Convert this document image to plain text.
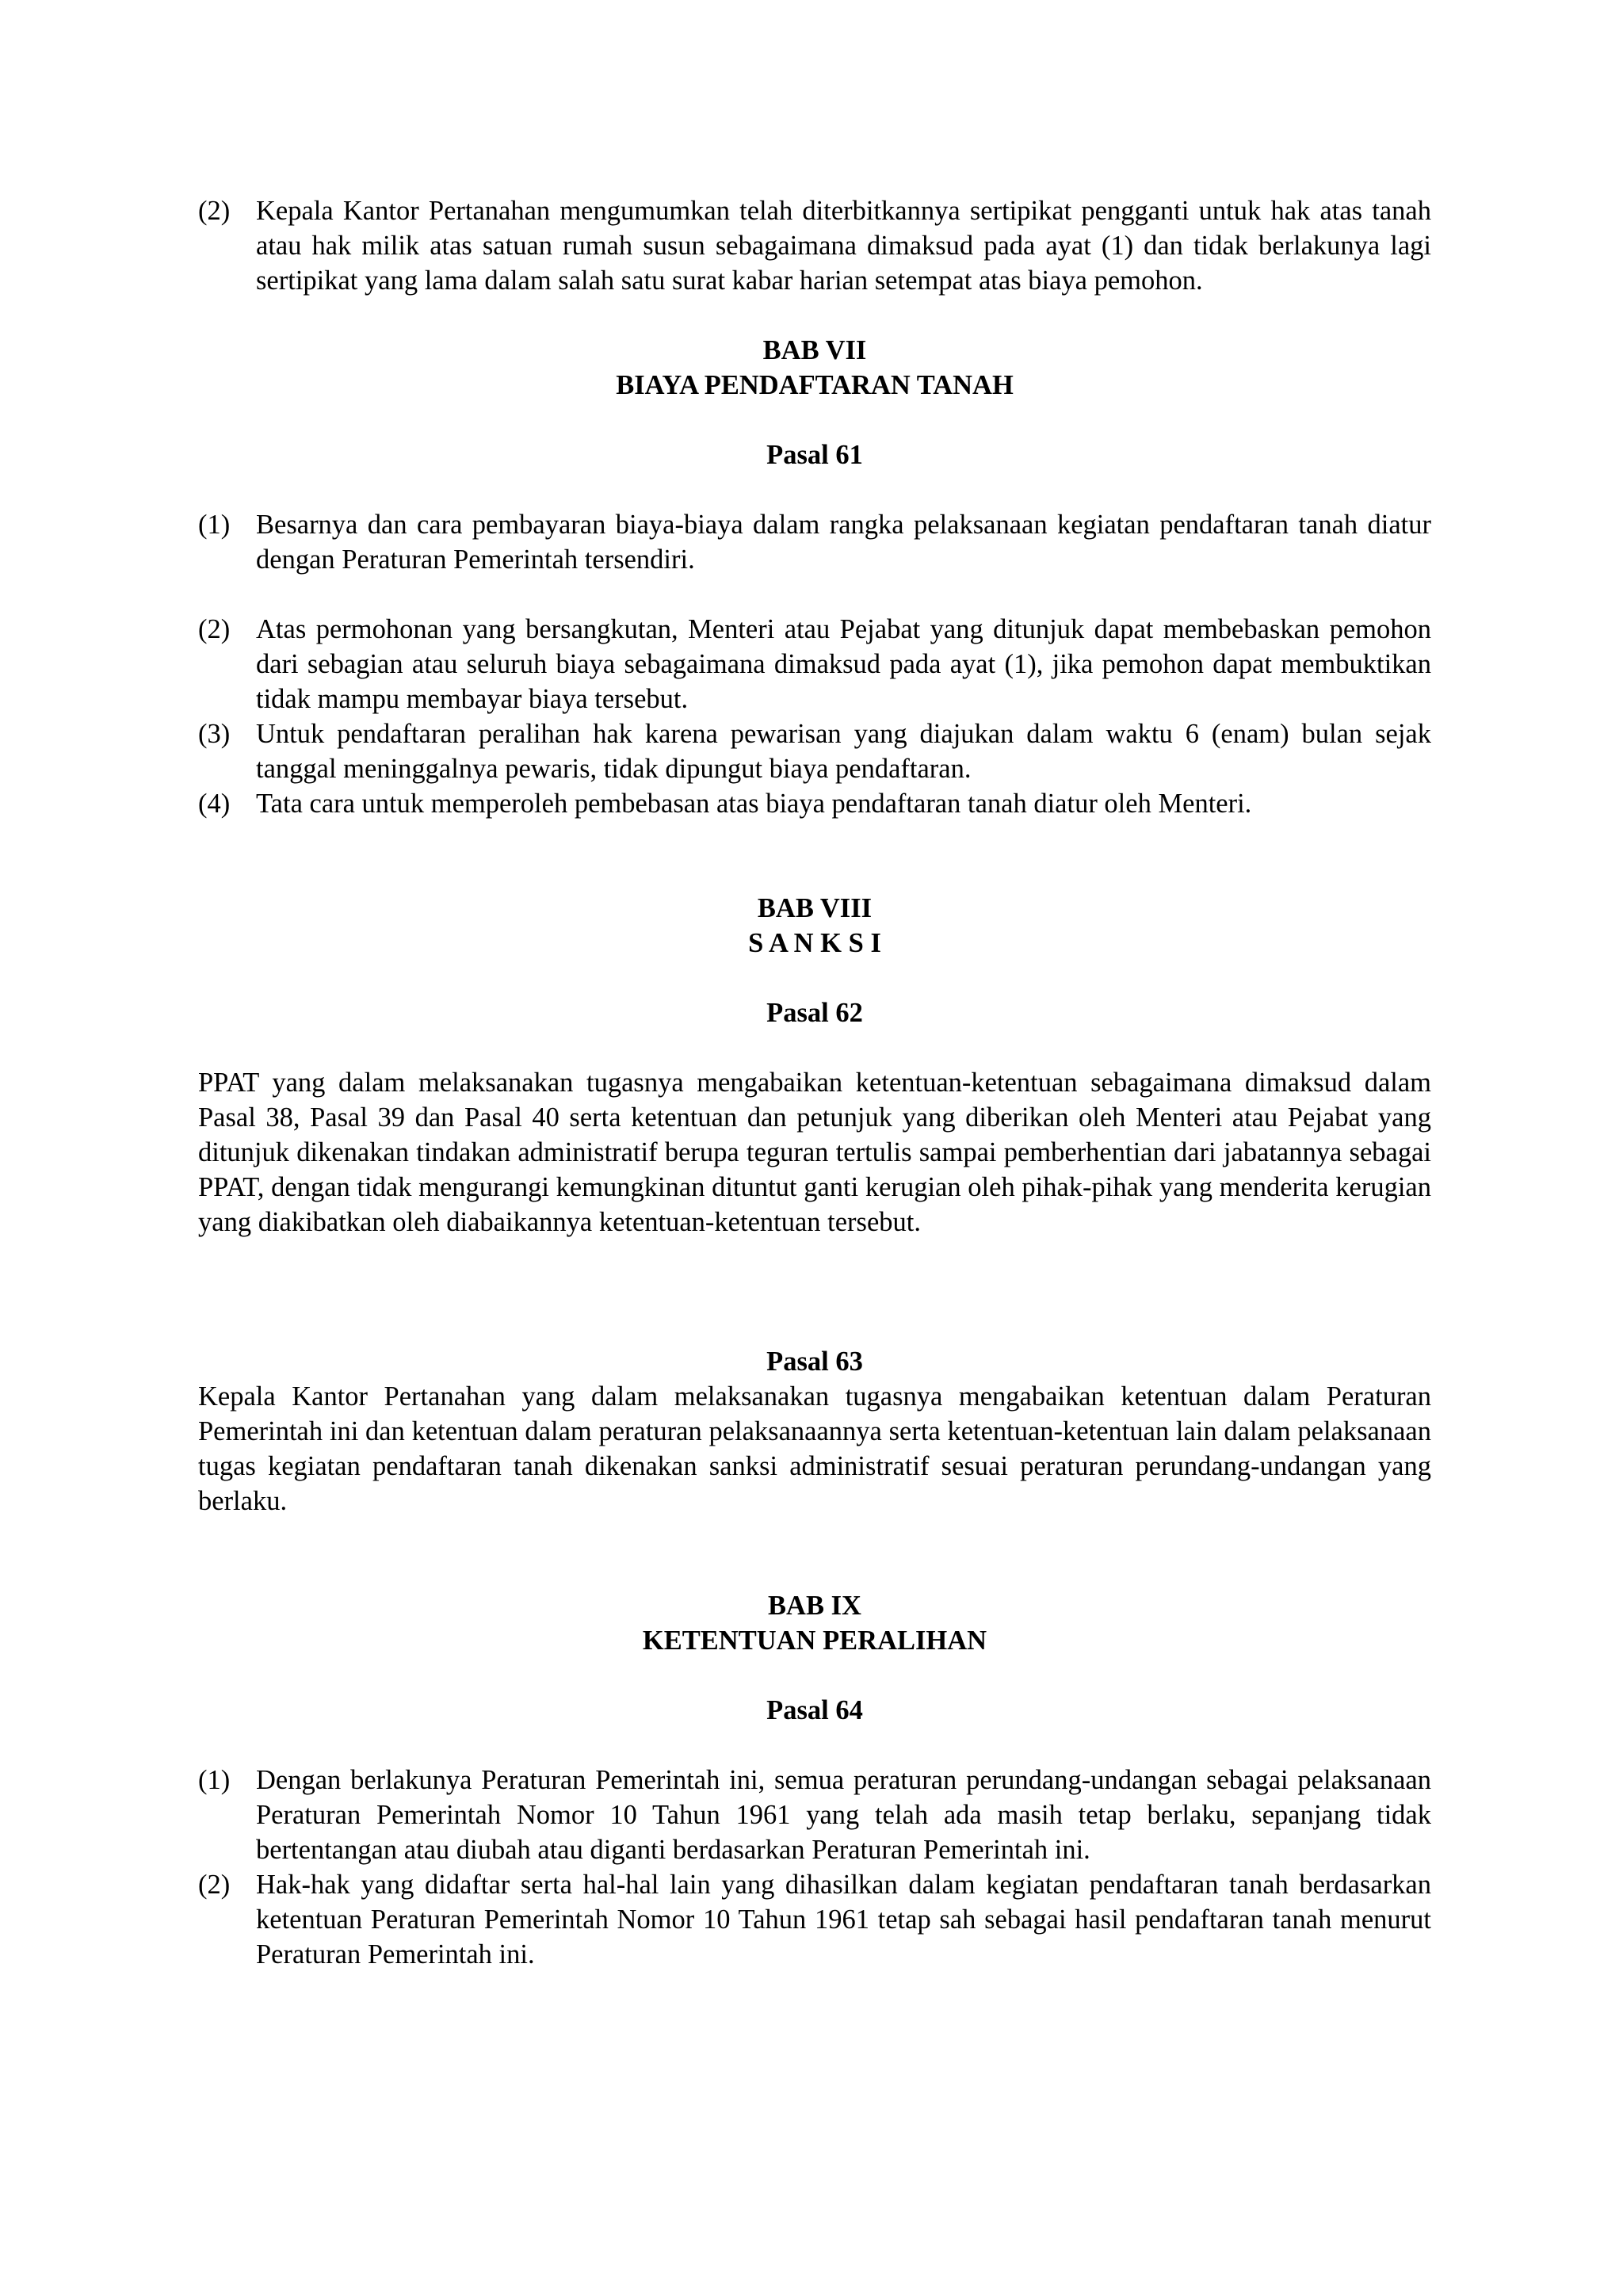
(2) Kepala Kantor Pertanahan mengumumkan telah diterbitkannya sertipikat pengganti untuk hak atas tanah atau hak milik atas satuan rumah susun sebagaimana dimaksud pada ayat (1) dan tidak berlakunya lagi sertipikat yang lama dalam salah satu surat kabar harian setempat atas biaya pemohon.
BAB VII
BIAYA PENDAFTARAN TANAH
Pasal 61
(1) Besarnya dan cara pembayaran biaya-biaya dalam rangka pelaksanaan kegiatan pendaftaran tanah diatur dengan Peraturan Pemerintah tersendiri.
(2) Atas permohonan yang bersangkutan, Menteri atau Pejabat yang ditunjuk dapat membebaskan pemohon dari sebagian atau seluruh biaya sebagaimana dimaksud pada ayat (1), jika pemohon dapat membuktikan tidak mampu membayar biaya tersebut.
(3) Untuk pendaftaran peralihan hak karena pewarisan yang diajukan dalam waktu 6 (enam) bulan sejak tanggal meninggalnya pewaris, tidak dipungut biaya pendaftaran.
(4) Tata cara untuk memperoleh pembebasan atas biaya pendaftaran tanah diatur oleh Menteri.
BAB VIII
S A N K S I
Pasal 62
PPAT yang dalam melaksanakan tugasnya mengabaikan ketentuan-ketentuan sebagaimana dimaksud dalam Pasal 38, Pasal 39 dan Pasal 40 serta ketentuan dan petunjuk yang diberikan oleh Menteri atau Pejabat yang ditunjuk dikenakan tindakan administratif berupa teguran tertulis sampai pemberhentian dari jabatannya sebagai PPAT, dengan tidak mengurangi kemungkinan dituntut ganti kerugian oleh pihak-pihak yang menderita kerugian yang diakibatkan oleh diabaikannya ketentuan-ketentuan tersebut.
Pasal 63
Kepala Kantor Pertanahan yang dalam melaksanakan tugasnya mengabaikan ketentuan dalam Peraturan Pemerintah ini dan ketentuan dalam peraturan pelaksanaannya serta ketentuan-ketentuan lain dalam pelaksanaan tugas kegiatan pendaftaran tanah dikenakan sanksi administratif sesuai peraturan perundang-undangan yang berlaku.
BAB IX
KETENTUAN PERALIHAN
Pasal 64
(1) Dengan berlakunya Peraturan Pemerintah ini, semua peraturan perundang-undangan sebagai pelaksanaan Peraturan Pemerintah Nomor 10 Tahun 1961 yang telah ada masih tetap berlaku, sepanjang tidak bertentangan atau diubah atau diganti berdasarkan Peraturan Pemerintah ini.
(2) Hak-hak yang didaftar serta hal-hal lain yang dihasilkan dalam kegiatan pendaftaran tanah berdasarkan ketentuan Peraturan Pemerintah Nomor 10 Tahun 1961 tetap sah sebagai hasil pendaftaran tanah menurut Peraturan Pemerintah ini.
